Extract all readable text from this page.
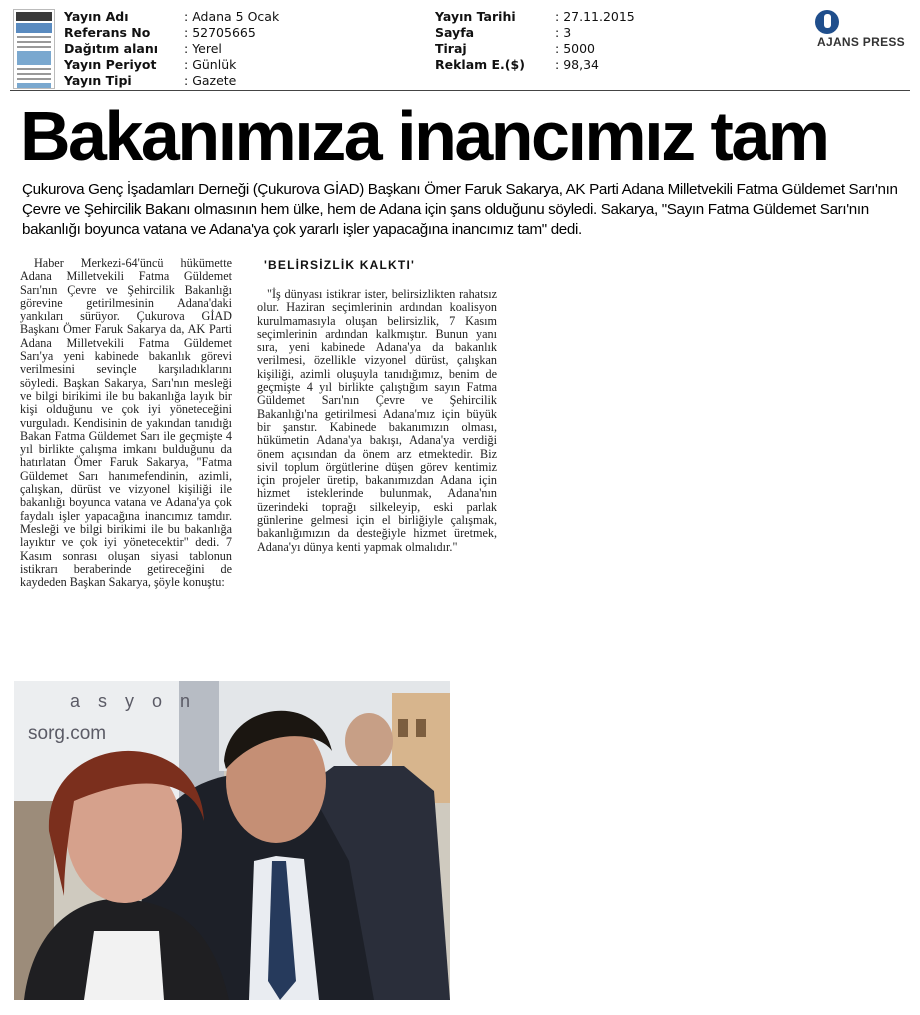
Yayın Adı	: Adana 5 Ocak
Referans No	: 52705665
Dağıtım alanı	: Yerel
Yayın Periyot	: Günlük
Yayın Tipi	: Gazete
Yayın Tarihi	: 27.11.2015
Sayfa	: 3
Tiraj	: 5000
Reklam E.($)	: 98,34
AJANS PRESS
Bakanımıza inancımız tam

Çukurova Genç İşadamları Derneği (Çukurova GİAD) Başkanı Ömer Faruk Sakarya, AK Parti Adana Milletvekili Fatma Güldemet Sarı'nın Çevre ve Şehircilik Bakanı olmasının hem ülke, hem de Adana için şans olduğunu söyledi. Sakarya, "Sayın Fatma Güldemet Sarı'nın bakanlığı boyunca vatana ve Adana'ya çok yararlı işler yapacağına inancımız tam" dedi.

Haber Merkezi-64'üncü hükümette Adana Milletvekili Fatma Güldemet Sarı'nın Çevre ve Şehircilik Bakanlığı görevine getirilmesinin Adana'daki yankıları sürüyor. Çukurova GİAD Başkanı Ömer Faruk Sakarya da, AK Parti Adana Milletvekili Fatma Güldemet Sarı'ya yeni kabinede bakanlık görevi verilmesini sevinçle karşıladıklarını söyledi. Başkan Sakarya, Sarı'nın mesleği ve bilgi birikimi ile bu bakanlığa layık bir kişi olduğunu ve çok iyi yöneteceğini vurguladı. Kendisinin de yakından tanıdığı Bakan Fatma Güldemet Sarı ile geçmişte 4 yıl birlikte çalışma imkanı bulduğunu da hatırlatan Ömer Faruk Sakarya, "Fatma Güldemet Sarı hanımefendinin, azimli, çalışkan, dürüst ve vizyonel kişiliği ile bakanlığı boyunca vatana ve Adana'ya çok faydalı işler yapacağına inancımız tamdır. Mesleği ve bilgi birikimi ile bu bakanlığa layıktır ve çok iyi yönetecektir" dedi. 7 Kasım sonrası oluşan siyasi tablonun istikrarı beraberinde getireceğini de kaydeden Başkan Sakarya, şöyle konuştu:

'BELİRSİZLİK KALKTI'

"İş dünyası istikrar ister, belirsizlikten rahatsız olur. Haziran seçimlerinin ardından koalisyon kurulmamasıyla oluşan belirsizlik, 7 Kasım seçimlerinin ardından kalkmıştır. Bunun yanı sıra, yeni kabinede Adana'ya da bakanlık verilmesi, özellikle vizyonel dürüst, çalışkan kişiliği, azimli oluşuyla tanıdığımız, benim de geçmişte 4 yıl birlikte çalıştığım sayın Fatma Güldemet Sarı'nın Çevre ve Şehircilik Bakanlığı'na getirilmesi Adana'mız için büyük bir şanstır. Kabinede bakanımızın olması, hükümetin Adana'ya bakışı, Adana'ya verdiği önem açısından da önem arz etmektedir. Biz sivil toplum örgütlerine düşen görev kentimiz için projeler üretip, bakanımızdan Adana için hizmet isteklerinde bulunmak, Adana'nın üzerindeki toprağı silkeleyip, eski parlak günlerine gelmesi için el birliğiyle çalışmak, bakanlığımızın da desteğiyle hizmet üretmek, Adana'yı dünya kenti yapmak olmalıdır."

asyon
sorg.com
